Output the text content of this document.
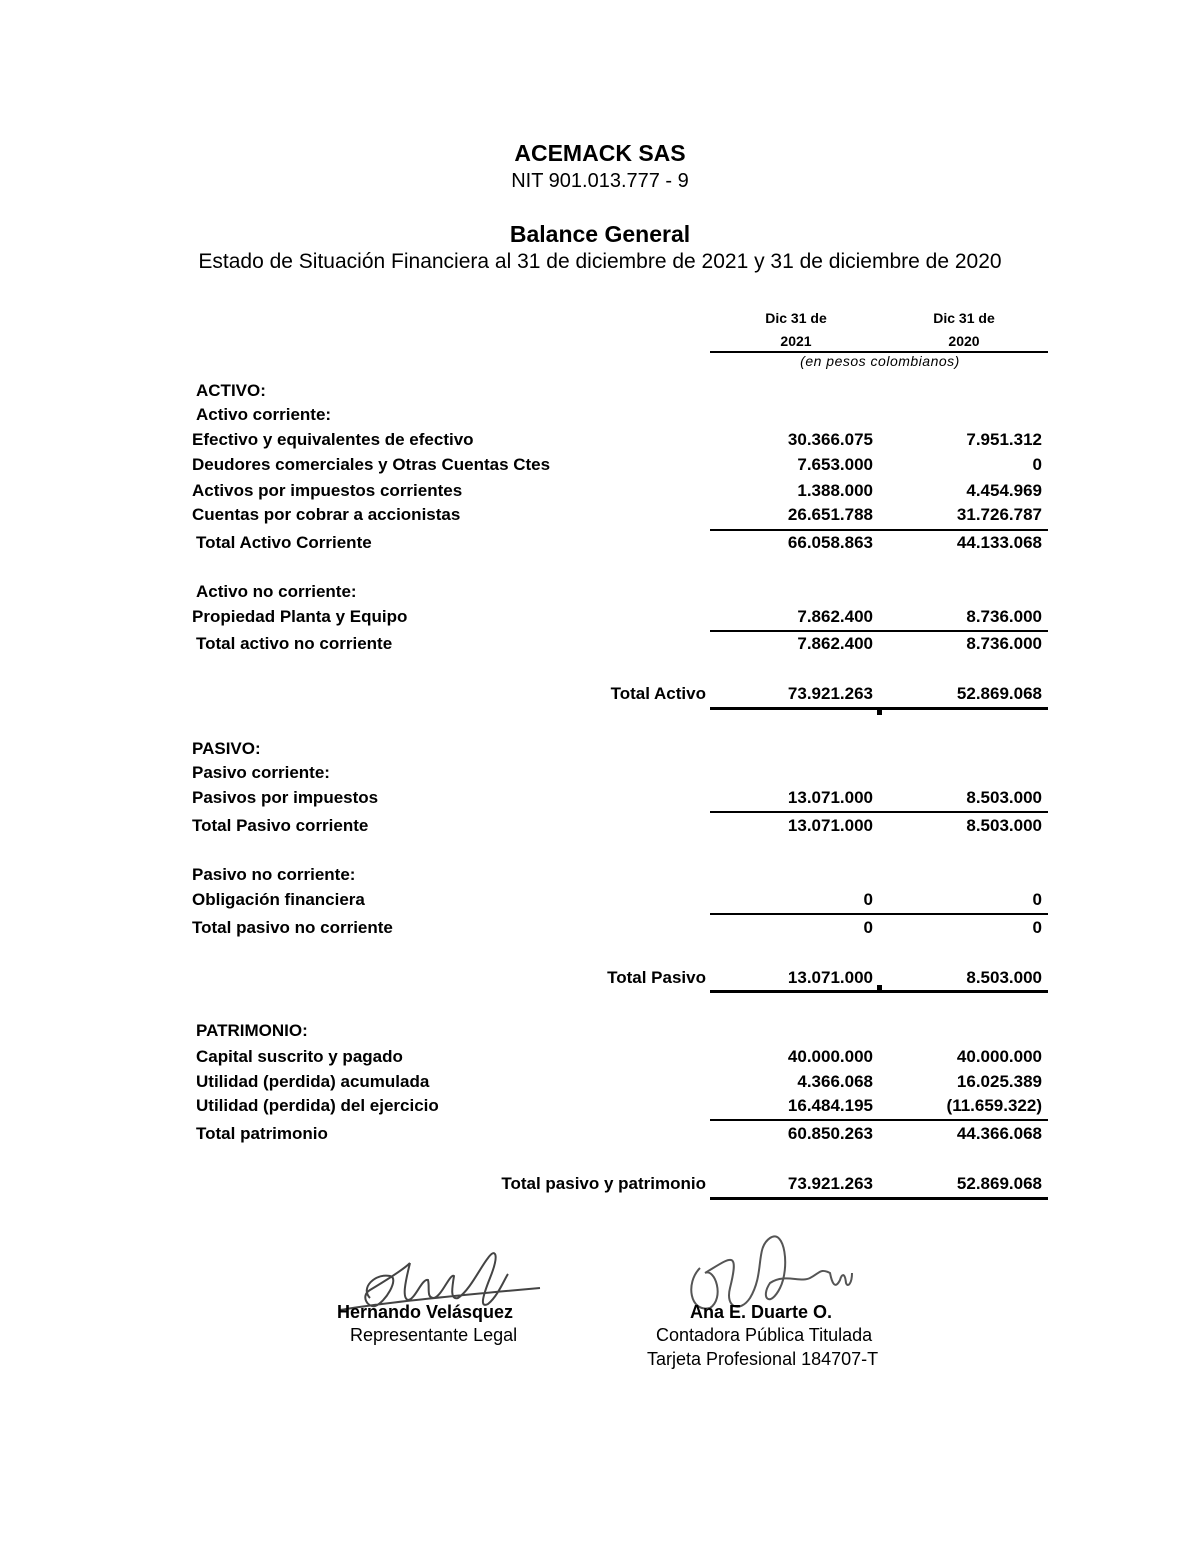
ACEMACK SAS
NIT 901.013.777 - 9
Balance General
Estado de Situación Financiera al 31 de diciembre de 2021 y 31 de diciembre de 2020
Dic 31 de
2021
Dic 31 de
2020
(en pesos colombianos)
ACTIVO:
Activo corriente:
Efectivo y equivalentes de efectivo	30.366.075	7.951.312
Deudores comerciales y Otras Cuentas Ctes	7.653.000	0
Activos por impuestos corrientes	1.388.000	4.454.969
Cuentas por cobrar a accionistas	26.651.788	31.726.787
Total Activo Corriente	66.058.863	44.133.068
Activo no corriente:
Propiedad Planta y Equipo	7.862.400	8.736.000
Total activo no corriente	7.862.400	8.736.000
Total Activo	73.921.263	52.869.068
PASIVO:
Pasivo corriente:
Pasivos por impuestos	13.071.000	8.503.000
Total Pasivo corriente	13.071.000	8.503.000
Pasivo no corriente:
Obligación financiera	0	0
Total pasivo no corriente	0	0
Total Pasivo	13.071.000	8.503.000
PATRIMONIO:
Capital suscrito y pagado	40.000.000	40.000.000
Utilidad (perdida) acumulada	4.366.068	16.025.389
Utilidad (perdida) del ejercicio	16.484.195	(11.659.322)
Total patrimonio	60.850.263	44.366.068
Total pasivo y patrimonio	73.921.263	52.869.068
Hernando Velásquez
Representante Legal
Ana E. Duarte O.
Contadora Pública Titulada
Tarjeta Profesional 184707-T
